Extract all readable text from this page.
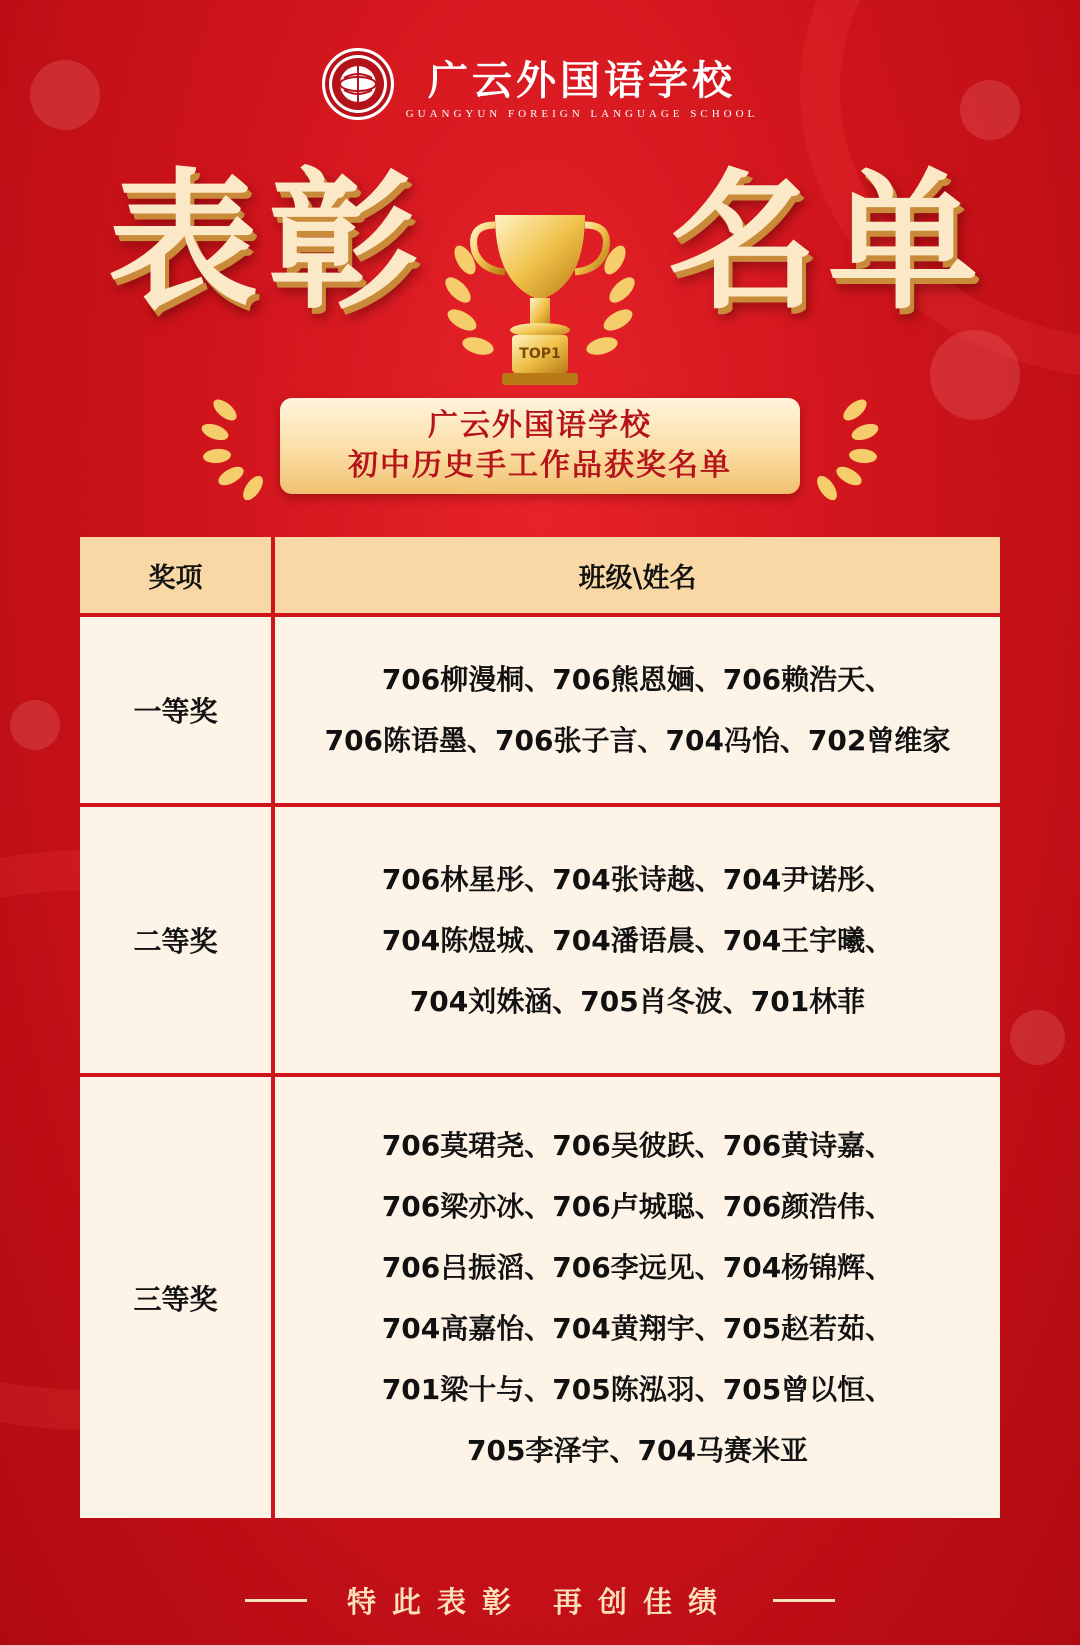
广云外国语学校
GUANGYUN FOREIGN LANGUAGE SCHOOL
表 彰 名 单
TOP1
广云外国语学校
初中历史手工作品获奖名单
奖项	班级\姓名
一等奖
706柳漫桐、706熊恩婳、706赖浩天、
706陈语墨、706张子言、704冯怡、702曾维家
二等奖
706林星彤、704张诗越、704尹诺彤、
704陈煜城、704潘语晨、704王宇曦、
704刘姝涵、705肖冬波、701林菲
三等奖
706莫珺尧、706吴彼跃、706黄诗嘉、
706梁亦冰、706卢城聪、706颜浩伟、
706吕振滔、706李远见、704杨锦辉、
704高嘉怡、704黄翔宇、705赵若茹、
701梁十与、705陈泓羽、705曾以恒、
705李泽宇、704马赛米亚
特此表彰 再创佳绩
